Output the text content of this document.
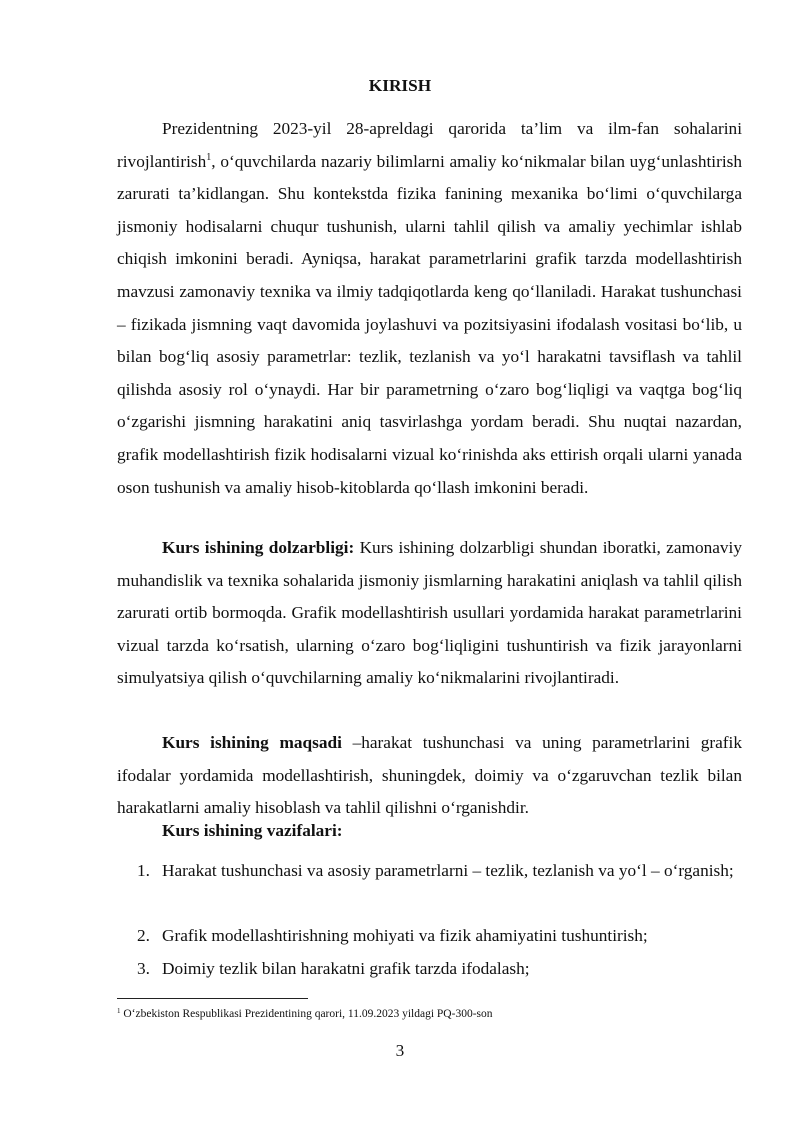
KIRISH

Prezidentning 2023-yil 28-apreldagi qarorida ta’lim va ilm-fan sohalarini rivojlantirish$^1$, o‘quvchilarda nazariy bilimlarni amaliy ko‘nikmalar bilan uyg‘unlashtirish zarurati ta’kidlangan. Shu kontekstda fizika fanining mexanika bo‘limi o‘quvchilarga jismoniy hodisalarni chuqur tushunish, ularni tahlil qilish va amaliy yechimlar ishlab chiqish imkonini beradi. Ayniqsa, harakat parametrlarini grafik tarzda modellashtirish mavzusi zamonaviy texnika va ilmiy tadqiqotlarda keng qo‘llaniladi. Harakat tushunchasi – fizikada jismning vaqt davomida joylashuvi va pozitsiyasini ifodalash vositasi bo‘lib, u bilan bog‘liq asosiy parametrlar: tezlik, tezlanish va yo‘l harakatni tavsiflash va tahlil qilishda asosiy rol o‘ynaydi. Har bir parametrning o‘zaro bog‘liqligi va vaqtga bog‘liq o‘zgarishi jismning harakatini aniq tasvirlashga yordam beradi. Shu nuqtai nazardan, grafik modellashtirish fizik hodisalarni vizual ko‘rinishda aks ettirish orqali ularni yanada oson tushunish va amaliy hisob-kitoblarda qo‘llash imkonini beradi.

Kurs ishining dolzarbligi: Kurs ishining dolzarbligi shundan iboratki, zamonaviy muhandislik va texnika sohalarida jismoniy jismlarning harakatini aniqlash va tahlil qilish zarurati ortib bormoqda. Grafik modellashtirish usullari yordamida harakat parametrlarini vizual tarzda ko‘rsatish, ularning o‘zaro bog‘liqligini tushuntirish va fizik jarayonlarni simulyatsiya qilish o‘quvchilarning amaliy ko‘nikmalarini rivojlantiradi.

Kurs ishining maqsadi –harakat tushunchasi va uning parametrlarini grafik ifodalar yordamida modellashtirish, shuningdek, doimiy va o‘zgaruvchan tezlik bilan harakatlarni amaliy hisoblash va tahlil qilishni o‘rganishdir.

Kurs ishining vazifalari:
1. Harakat tushunchasi va asosiy parametrlarni – tezlik, tezlanish va yo‘l – o‘rganish;
2. Grafik modellashtirishning mohiyati va fizik ahamiyatini tushuntirish;
3. Doimiy tezlik bilan harakatni grafik tarzda ifodalash;
$^1$ O‘zbekiston Respublikasi Prezidentining qarori, 11.09.2023 yildagi PQ-300-son
3
